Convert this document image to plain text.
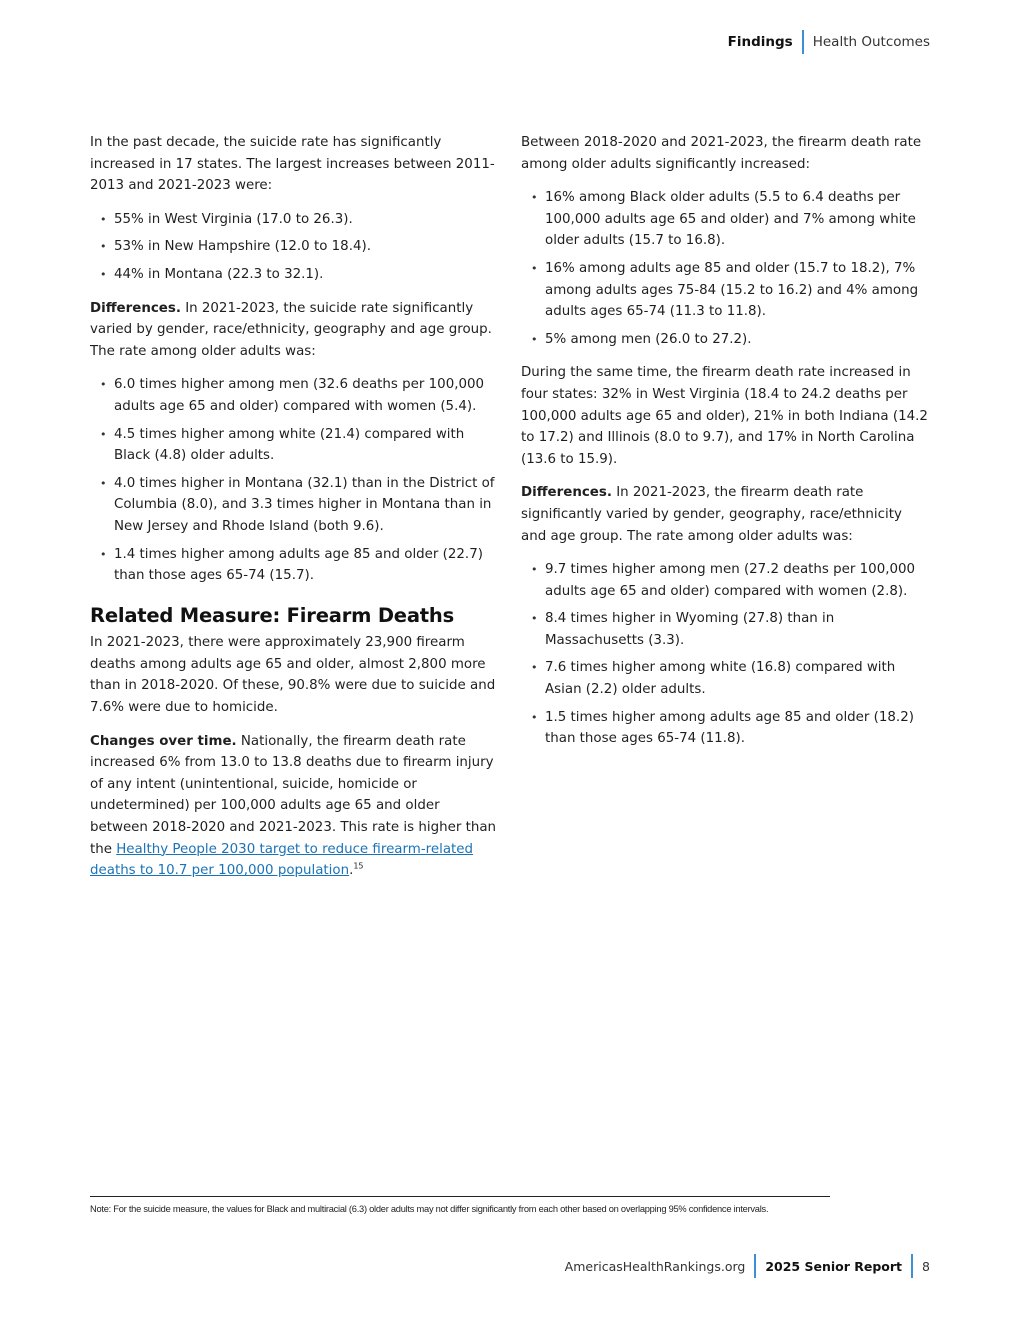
Findings Health Outcomes

In the past decade, the suicide rate has significantly increased in 17 states. The largest increases between 2011-2013 and 2021-2023 were:

• 55% in West Virginia (17.0 to 26.3).
• 53% in New Hampshire (12.0 to 18.4).
• 44% in Montana (22.3 to 32.1).

Differences. In 2021-2023, the suicide rate significantly varied by gender, race/ethnicity, geography and age group. The rate among older adults was:

• 6.0 times higher among men (32.6 deaths per 100,000 adults age 65 and older) compared with women (5.4).
• 4.5 times higher among white (21.4) compared with Black (4.8) older adults.
• 4.0 times higher in Montana (32.1) than in the District of Columbia (8.0), and 3.3 times higher in Montana than in New Jersey and Rhode Island (both 9.6).
• 1.4 times higher among adults age 85 and older (22.7) than those ages 65-74 (15.7).
Related Measure: Firearm Deaths

In 2021-2023, there were approximately 23,900 firearm deaths among adults age 65 and older, almost 2,800 more than in 2018-2020. Of these, 90.8% were due to suicide and 7.6% were due to homicide.

Changes over time. Nationally, the firearm death rate increased 6% from 13.0 to 13.8 deaths due to firearm injury of any intent (unintentional, suicide, homicide or undetermined) per 100,000 adults age 65 and older between 2018-2020 and 2021-2023. This rate is higher than the Healthy People 2030 target to reduce firearm-related deaths to 10.7 per 100,000 population.$^{15}$

Between 2018-2020 and 2021-2023, the firearm death rate among older adults significantly increased:

• 16% among Black older adults (5.5 to 6.4 deaths per 100,000 adults age 65 and older) and 7% among white older adults (15.7 to 16.8).
• 16% among adults age 85 and older (15.7 to 18.2), 7% among adults ages 75-84 (15.2 to 16.2) and 4% among adults ages 65-74 (11.3 to 11.8).
• 5% among men (26.0 to 27.2).

During the same time, the firearm death rate increased in four states: 32% in West Virginia (18.4 to 24.2 deaths per 100,000 adults age 65 and older), 21% in both Indiana (14.2 to 17.2) and Illinois (8.0 to 9.7), and 17% in North Carolina (13.6 to 15.9).

Differences. In 2021-2023, the firearm death rate significantly varied by gender, geography, race/ethnicity and age group. The rate among older adults was:

• 9.7 times higher among men (27.2 deaths per 100,000 adults age 65 and older) compared with women (2.8).
• 8.4 times higher in Wyoming (27.8) than in Massachusetts (3.3).
• 7.6 times higher among white (16.8) compared with Asian (2.2) older adults.
• 1.5 times higher among adults age 85 and older (18.2) than those ages 65-74 (11.8).
Note: For the suicide measure, the values for Black and multiracial (6.3) older adults may not differ significantly from each other based on overlapping 95% confidence intervals.
AmericasHealthRankings.org 2025 Senior Report 8
